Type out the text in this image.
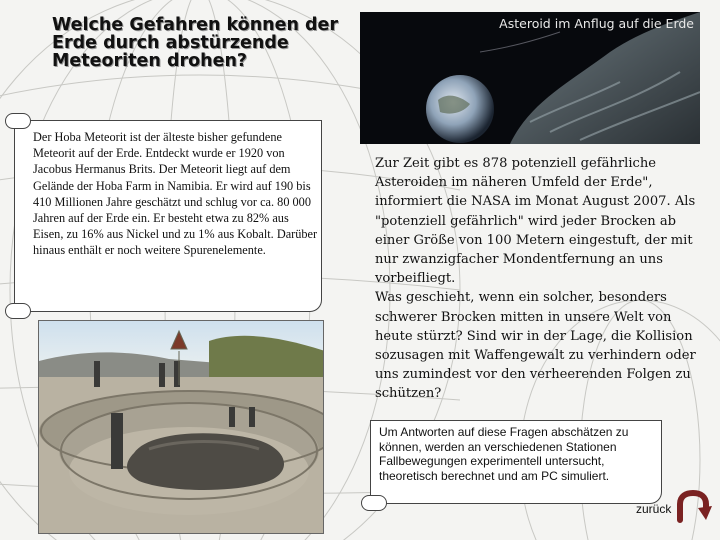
Welche Gefahren können der Erde durch abstürzende Meteoriten drohen?

Der Hoba Meteorit ist der älteste bisher gefundene Meteorit auf der Erde. Entdeckt wurde er 1920 von Jacobus Hermanus Brits. Der Meteorit liegt auf dem Gelände der Hoba Farm in Namibia. Er wird auf 190 bis 410 Millionen Jahre geschätzt und schlug vor ca. 80 000 Jahren auf der Erde ein. Er besteht etwa zu 82% aus Eisen, zu 16% aus Nickel und zu 1% aus Kobalt. Darüber hinaus enthält er noch weitere Spurenelemente.

Asteroid im Anflug auf die Erde

Zur Zeit gibt es 878 potenziell gefährliche Asteroiden im näheren Umfeld der Erde", informiert die NASA im Monat August 2007. Als "potenziell gefährlich" wird jeder Brocken ab einer Größe von 100 Metern eingestuft, der mit nur zwanzigfacher Mondentfernung an uns vorbeifliegt.

Was geschieht, wenn ein solcher, besonders schwerer Brocken mitten in unsere Welt von heute stürzt? Sind wir in der Lage, die Kollision sozusagen mit Waffengewalt zu verhindern oder uns zumindest vor den verheerenden Folgen zu schützen?

Um Antworten auf diese Fragen abschätzen zu können, werden an verschiedenen Stationen Fallbewegungen experimentell untersucht, theoretisch berechnet und am PC simuliert.

zurück
